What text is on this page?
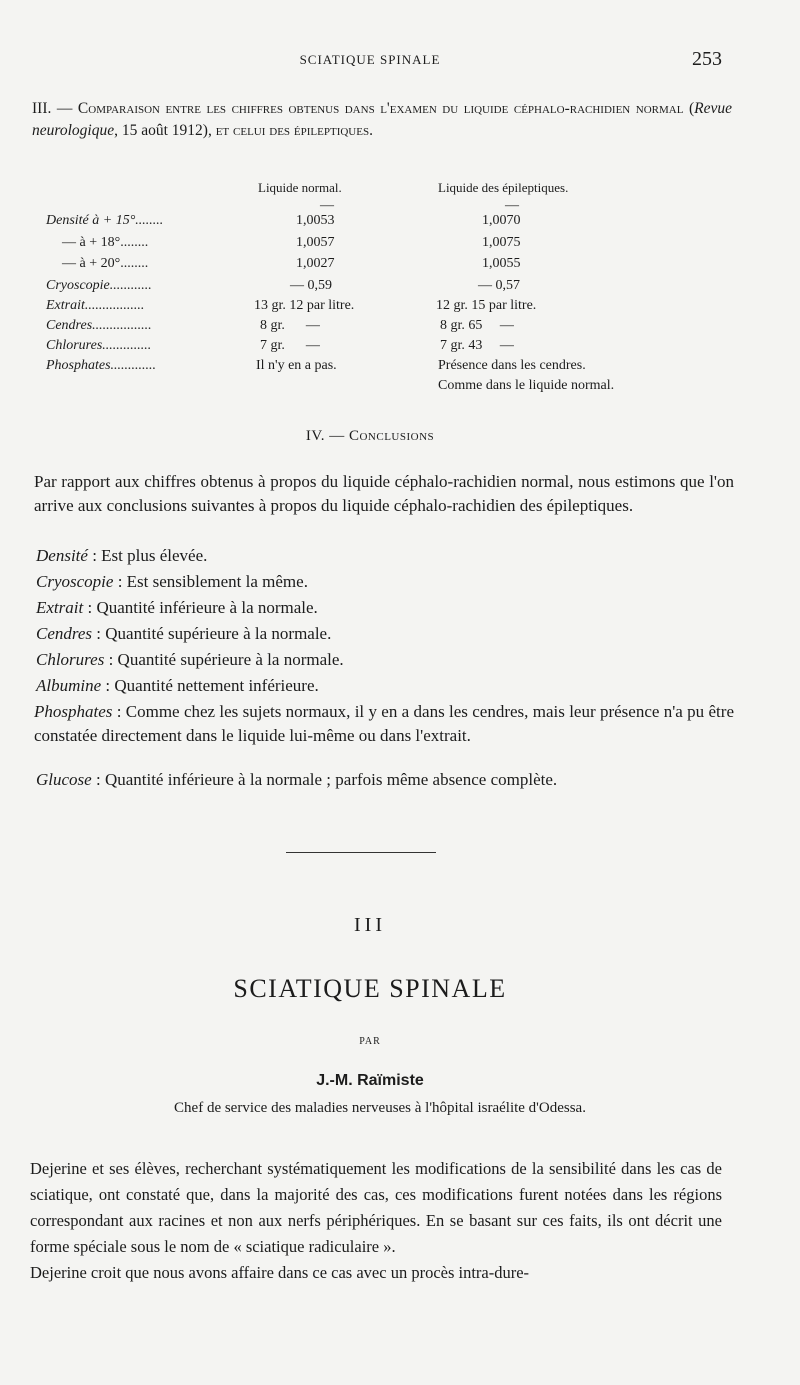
SCIATIQUE SPINALE	253
III. — Comparaison entre les chiffres obtenus dans l'examen du liquide céphalo-rachidien normal (Revue neurologique, 15 août 1912), et celui des épileptiques.
Liquide normal.	Liquide des épileptiques.
—	—
Densité à + 15°........	1,0053	1,0070
— à + 18°........	1,0057	1,0075
— à + 20°........	1,0027	1,0055
Cryoscopie............	— 0,59	— 0,57
Extrait.................	13 gr. 12 par litre.	12 gr. 15 par litre.
Cendres.................	8 gr.      —	8 gr. 65     —
Chlorures..............	7 gr.      —	7 gr. 43     —
Phosphates.............	Il n'y en a pas.	Présence dans les cendres.
Comme dans le liquide normal.
IV. — Conclusions
Par rapport aux chiffres obtenus à propos du liquide céphalo-rachidien normal, nous estimons que l'on arrive aux conclusions suivantes à propos du liquide céphalo-rachidien des épileptiques.
Densité : Est plus élevée.
Cryoscopie : Est sensiblement la même.
Extrait : Quantité inférieure à la normale.
Cendres : Quantité supérieure à la normale.
Chlorures : Quantité supérieure à la normale.
Albumine : Quantité nettement inférieure.
Phosphates : Comme chez les sujets normaux, il y en a dans les cendres, mais leur présence n'a pu être constatée directement dans le liquide lui-même ou dans l'extrait.
Glucose : Quantité inférieure à la normale ; parfois même absence complète.
III
SCIATIQUE SPINALE
PAR
J.-M. Raïmiste
Chef de service des maladies nerveuses à l'hôpital israélite d'Odessa.
Dejerine et ses élèves, recherchant systématiquement les modifications de la sensibilité dans les cas de sciatique, ont constaté que, dans la majorité des cas, ces modifications furent notées dans les régions correspondant aux racines et non aux nerfs périphériques. En se basant sur ces faits, ils ont décrit une forme spéciale sous le nom de « sciatique radiculaire ».
Dejerine croit que nous avons affaire dans ce cas avec un procès intra-dure-
